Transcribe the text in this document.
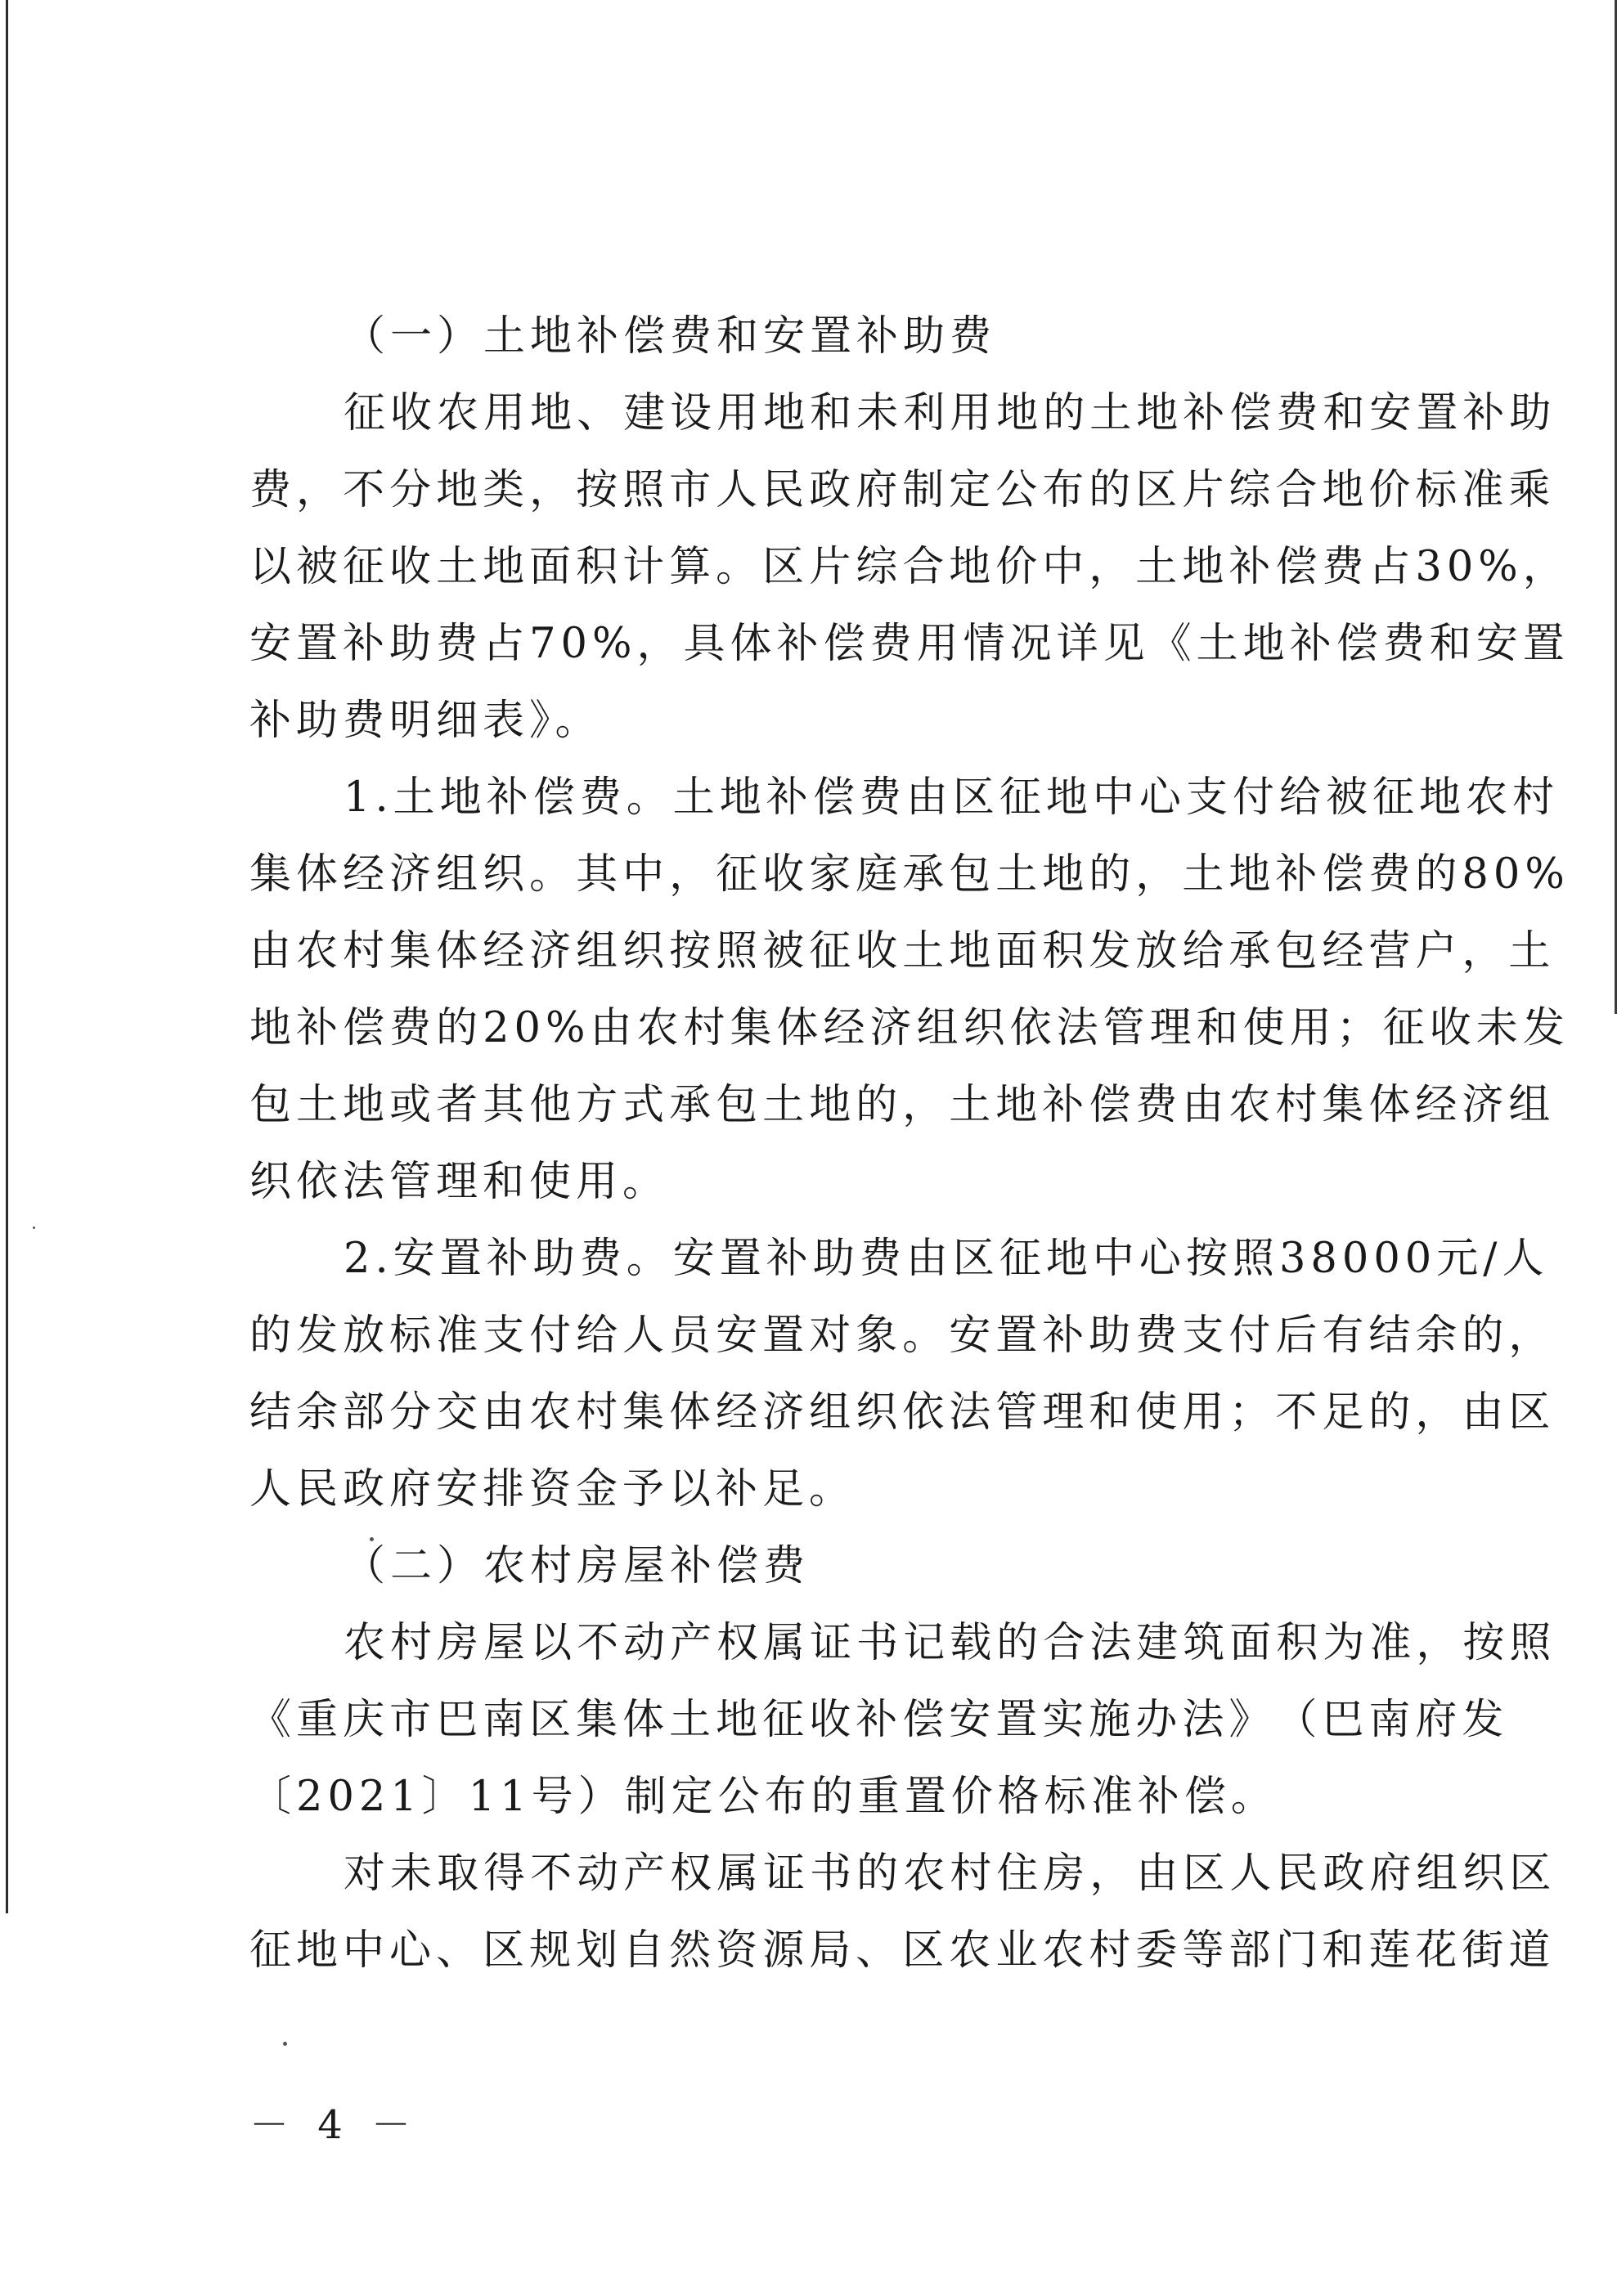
（一）土地补偿费和安置补助费
征 收 农 用 地 、 建 设 用 地 和 未 利 用 地 的 土 地 补 偿 费 和 安 置 补 助
费 ， 不 分 地 类 ， 按 照 市 人 民 政 府 制 定 公 布 的 区 片 综 合 地 价 标 准 乘
以 被 征 收 土 地 面 积 计 算 。 区 片 综 合 地 价 中 ， 土 地 补 偿 费 占 3 0 % ，
安 置 补 助 费 占 7 0 % ， 具 体 补 偿 费 用 情 况 详 见 《 土 地 补 偿 费 和 安 置
补助费明细表》。
1 . 土 地 补 偿 费 。 土 地 补 偿 费 由 区 征 地 中 心 支 付 给 被 征 地 农 村
集 体 经 济 组 织 。 其 中 ， 征 收 家 庭 承 包 土 地 的 ， 土 地 补 偿 费 的 8 0 %
由 农 村 集 体 经 济 组 织 按 照 被 征 收 土 地 面 积 发 放 给 承 包 经 营 户 ， 土
地 补 偿 费 的 2 0 % 由 农 村 集 体 经 济 组 织 依 法 管 理 和 使 用 ； 征 收 未 发
包 土 地 或 者 其 他 方 式 承 包 土 地 的 ， 土 地 补 偿 费 由 农 村 集 体 经 济 组
织依法管理和使用。
2 . 安 置 补 助 费 。 安 置 补 助 费 由 区 征 地 中 心 按 照 3 8 0 0 0 元 / 人
的 发 放 标 准 支 付 给 人 员 安 置 对 象 。 安 置 补 助 费 支 付 后 有 结 余 的 ，
结 余 部 分 交 由 农 村 集 体 经 济 组 织 依 法 管 理 和 使 用 ； 不 足 的 ， 由 区
人民政府安排资金予以补足。
（二）农村房屋补偿费
农 村 房 屋 以 不 动 产 权 属 证 书 记 载 的 合 法 建 筑 面 积 为 准 ， 按 照
《 重 庆 市 巴 南 区 集 体 土 地 征 收 补 偿 安 置 实 施 办 法 》 （ 巴 南 府 发
〔2021〕11号）制定公布的重置价格标准补偿。
对 未 取 得 不 动 产 权 属 证 书 的 农 村 住 房 ， 由 区 人 民 政 府 组 织 区
征 地 中 心 、 区 规 划 自 然 资 源 局 、 区 农 业 农 村 委 等 部 门 和 莲 花 街 道
－ 4 －
